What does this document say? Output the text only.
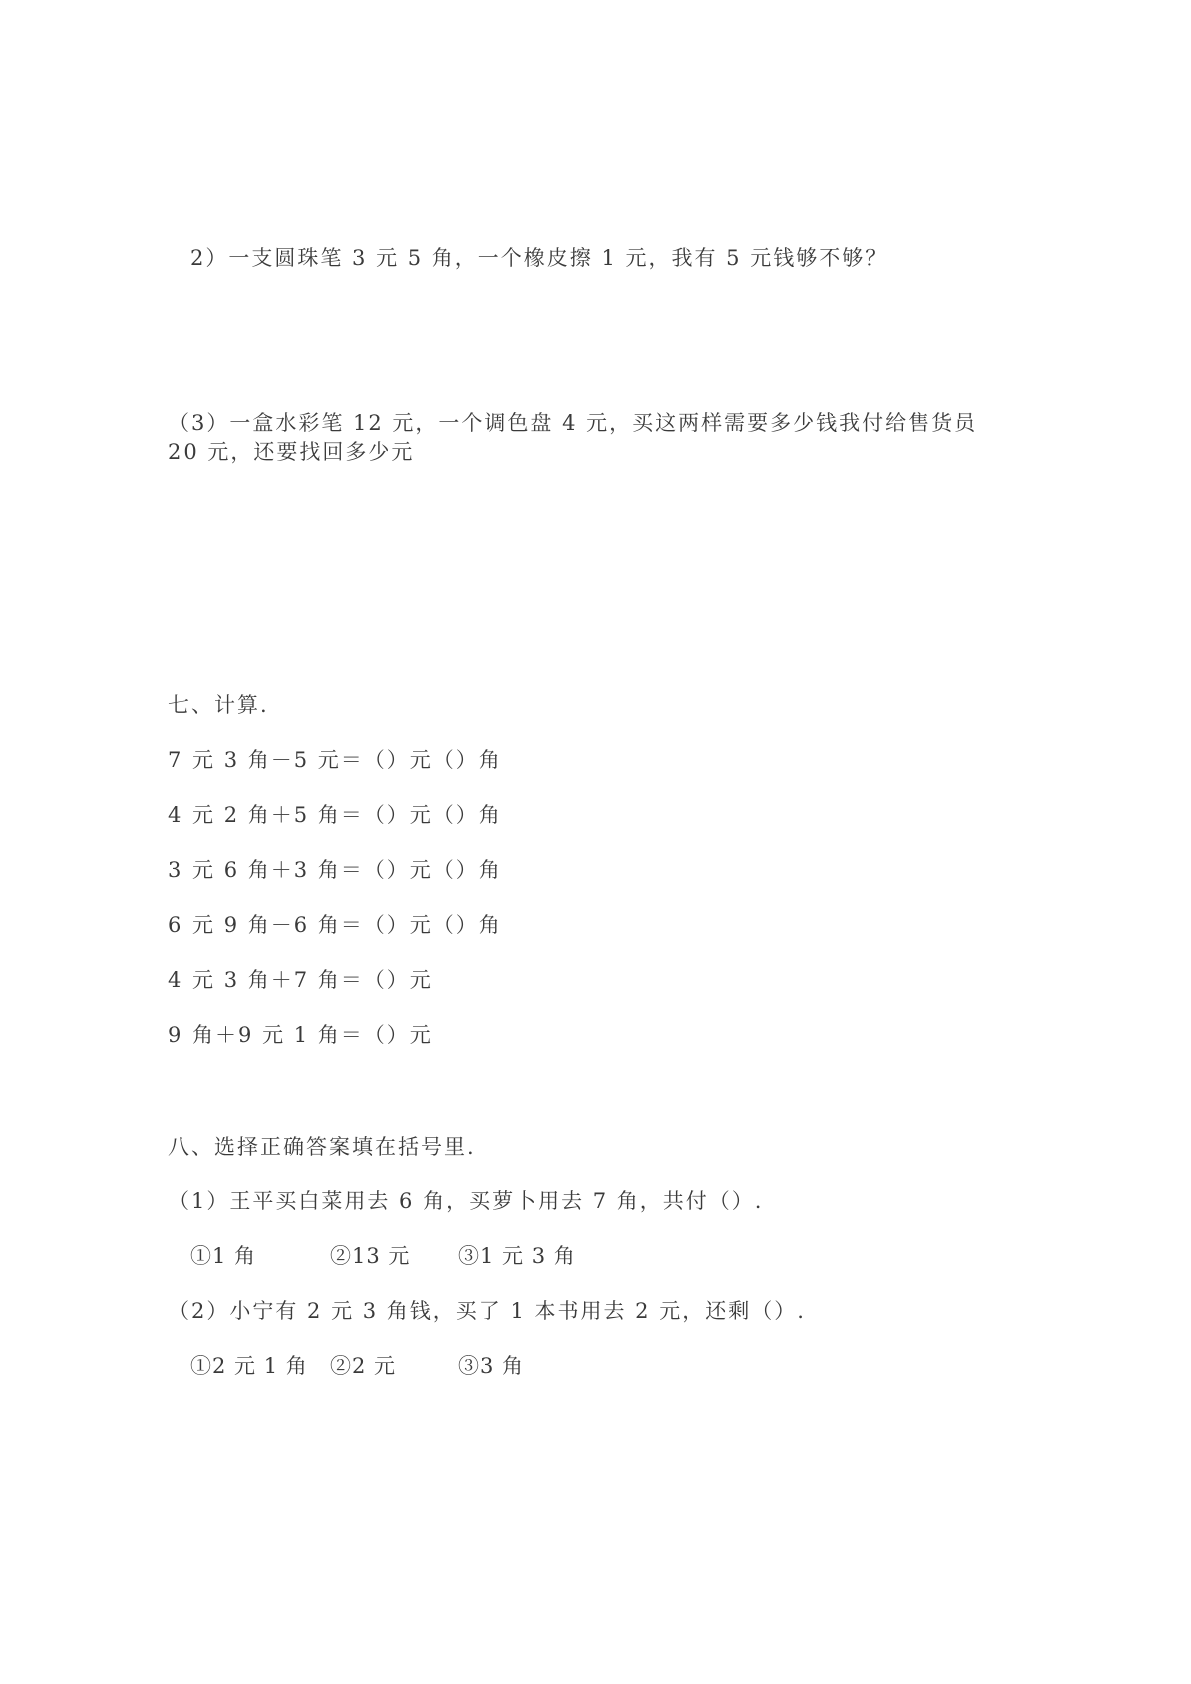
2）一支圆珠笔 3 元 5 角，一个橡皮擦 1 元，我有 5 元钱够不够？
（3）一盒水彩笔 12 元，一个调色盘 4 元，买这两样需要多少钱我付给售货员
20 元，还要找回多少元
七、计算.
7 元 3 角－5 元＝（）元（）角
4 元 2 角＋5 角＝（）元（）角
3 元 6 角＋3 角＝（）元（）角
6 元 9 角－6 角＝（）元（）角
4 元 3 角＋7 角＝（）元
9 角＋9 元 1 角＝（）元
八、选择正确答案填在括号里.
（1）王平买白菜用去 6 角，买萝卜用去 7 角，共付（）.
①1 角	②13 元 ③1 元 3 角
（2）小宁有 2 元 3 角钱，买了 1 本书用去 2 元，还剩（）.
①2 元 1 角 ②2 元	③3 角
